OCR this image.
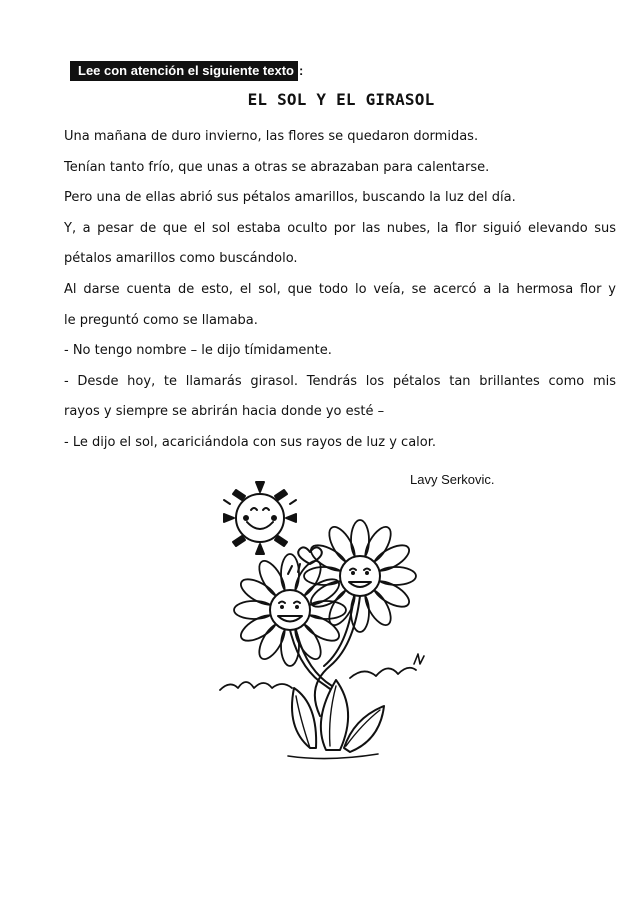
Lee con atención el siguiente texto :
EL SOL Y EL GIRASOL
Una mañana de duro invierno, las flores se quedaron dormidas.
Tenían tanto frío, que unas a otras se abrazaban para calentarse.
Pero una de ellas abrió sus pétalos amarillos, buscando la luz del día.
Y, a pesar de que el sol estaba oculto por las nubes, la flor siguió elevando sus
pétalos amarillos como buscándolo.
Al darse cuenta de esto, el sol, que todo lo veía, se acercó a la hermosa flor y
le preguntó como se llamaba.
- No tengo nombre – le dijo tímidamente.
- Desde hoy, te llamarás girasol. Tendrás los pétalos tan brillantes como mis
rayos y siempre se abrirán hacia donde yo esté –
- Le dijo el sol, acariciándola con sus rayos de luz y calor.
Lavy Serkovic.
